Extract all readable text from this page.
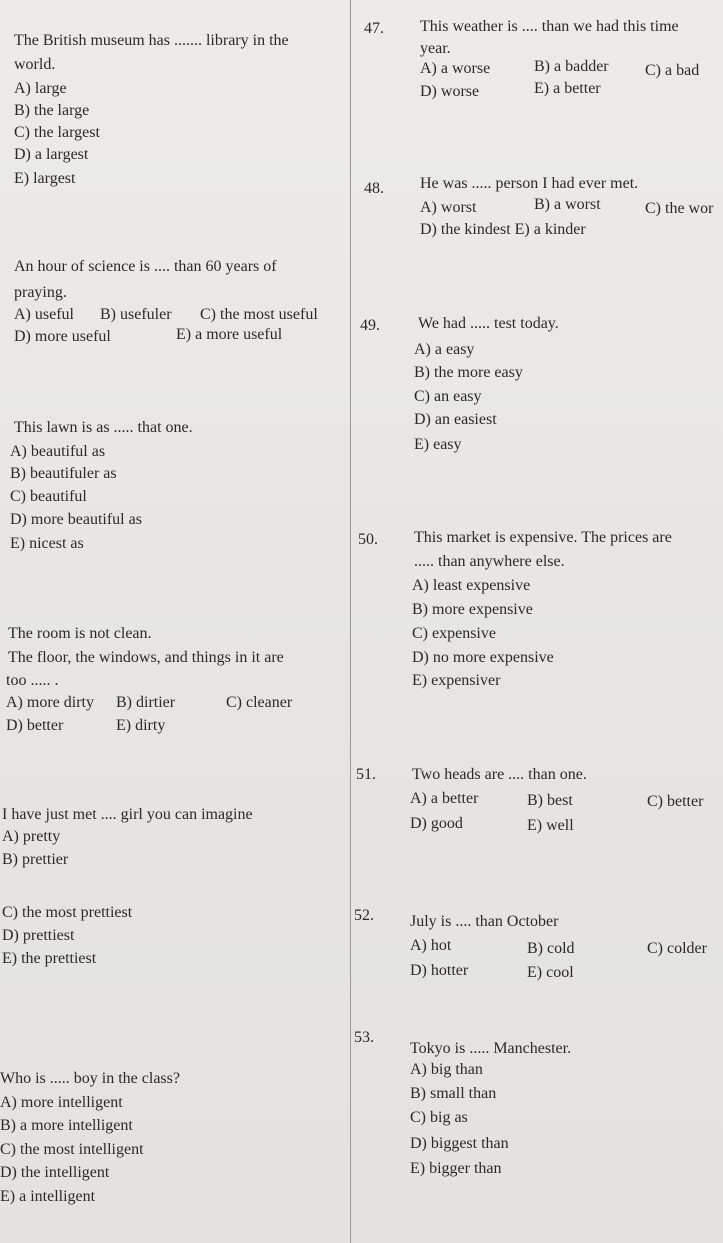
The British museum has ....... library in the
world.
A) large
B) the large
C) the largest
D) a largest
E) largest
An hour of science is .... than 60 years of
praying.
A) useful B) usefuler C) the most useful
D) more useful	E) a more useful
This lawn is as ..... that one.
A) beautiful as
B) beautifuler as
C) beautiful
D) more beautiful as
E) nicest as
The room is not clean.
The floor, the windows, and things in it are
too ..... .
A) more dirty B) dirtier	C) cleaner
D) better	E) dirty
I have just met .... girl you can imagine
A) pretty
B) prettier
C) the most prettiest
D) prettiest
E) the prettiest
Who is ..... boy in the class?
A) more intelligent
B) a more intelligent
C) the most intelligent
D) the intelligent
E) a intelligent
47. This weather is .... than we had this time
year.
A) a worse	B) a badder C) a bad
D) worse	E) a better
48. He was ..... person I had ever met.
A) worst	B) a worst	C) the wor
D) the kindest E) a kinder
49. We had ..... test today.
A) a easy
B) the more easy
C) an easy
D) an easiest
E) easy
50. This market is expensive. The prices are
..... than anywhere else.
A) least expensive
B) more expensive
C) expensive
D) no more expensive
E) expensiver
51. Two heads are .... than one.
A) a better	B) best	C) better
D) good	E) well
52. July is .... than October
A) hot	B) cold	C) colder
D) hotter	E) cool
53.
Tokyo is ..... Manchester.
A) big than
B) small than
C) big as
D) biggest than
E) bigger than
